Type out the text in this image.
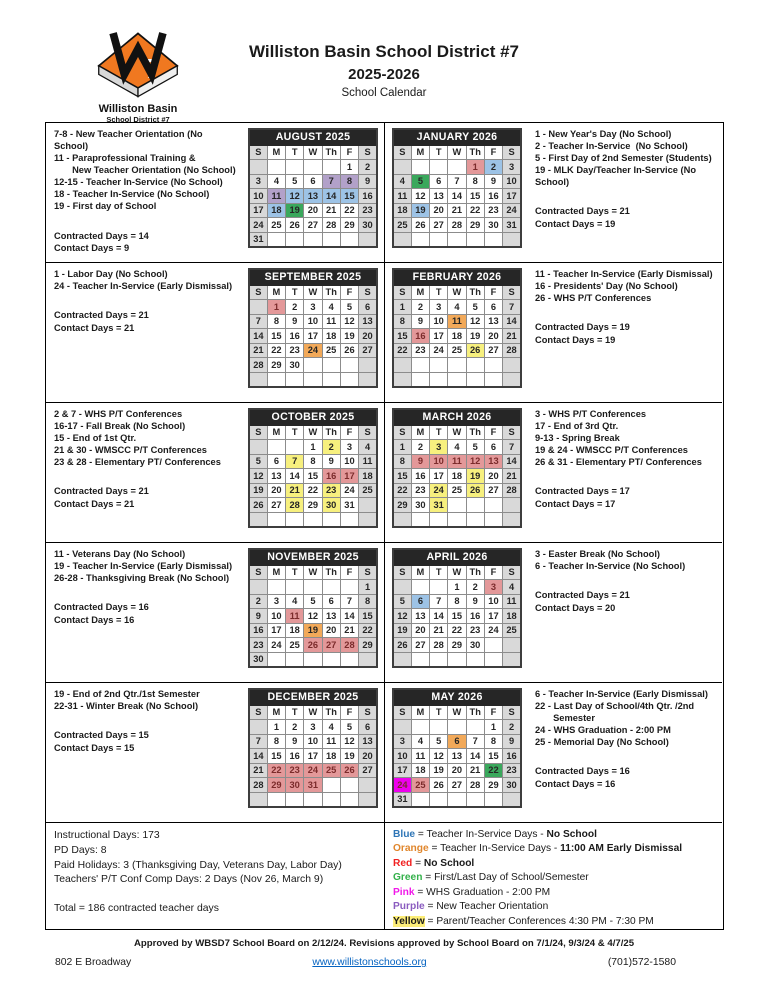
7
Williston Basin
School District #7
Williston Basin School District #7
2025-2026
School Calendar
7-8 - New Teacher Orientation (No School)
11 - Paraprofessional Training &
New Teacher Orientation (No School)
12-15 - Teacher In-Service (No School)
18 - Teacher In-Service (No School)
19 - First day of School
Contracted Days = 14
Contact Days = 9
AUGUST 2025						
S	M	T	W	Th	F	S
					1	2
3	4	5	6	7	8	9
10	11	12	13	14	15	16
17	18	19	20	21	22	23
24	25	26	27	28	29	30
31						
JANUARY 2026						
S	M	T	W	Th	F	S
				1	2	3
4	5	6	7	8	9	10
11	12	13	14	15	16	17
18	19	20	21	22	23	24
25	26	27	28	29	30	31

1 - New Year's Day (No School)
2 - Teacher In-Service  (No School)
5 - First Day of 2nd Semester (Students)
19 - MLK Day/Teacher In-Service (No School)
Contracted Days = 21
Contact Days = 19
1 - Labor Day (No School)
24 - Teacher In-Service (Early Dismissal)
Contracted Days = 21
Contact Days = 21
SEPTEMBER 2025						
S	M	T	W	Th	F	S
	1	2	3	4	5	6
7	8	9	10	11	12	13
14	15	16	17	18	19	20
21	22	23	24	25	26	27
28	29	30				

FEBRUARY 2026						
S	M	T	W	Th	F	S
1	2	3	4	5	6	7
8	9	10	11	12	13	14
15	16	17	18	19	20	21
22	23	24	25	26	27	28

11 - Teacher In-Service (Early Dismissal)
16 - Presidents' Day (No School)
26 - WHS P/T Conferences
Contracted Days = 19
Contact Days = 19
2 & 7 - WHS P/T Conferences
16-17 - Fall Break (No School)
15 - End of 1st Qtr.
21 & 30 - WMSCC P/T Conferences
23 & 28 - Elementary PT/ Conferences
Contracted Days = 21
Contact Days = 21
OCTOBER 2025						
S	M	T	W	Th	F	S
			1	2	3	4
5	6	7	8	9	10	11
12	13	14	15	16	17	18
19	20	21	22	23	24	25
26	27	28	29	30	31	

MARCH 2026						
S	M	T	W	Th	F	S
1	2	3	4	5	6	7
8	9	10	11	12	13	14
15	16	17	18	19	20	21
22	23	24	25	26	27	28
29	30	31				

3 - WHS P/T Conferences
17 - End of 3rd Qtr.
9-13 - Spring Break
19 & 24 - WMSCC P/T Conferences
26 & 31 - Elementary PT/ Conferences
Contracted Days = 17
Contact Days = 17
11 - Veterans Day (No School)
19 - Teacher In-Service (Early Dismissal)
26-28 - Thanksgiving Break (No School)
Contracted Days = 16
Contact Days = 16
NOVEMBER 2025						
S	M	T	W	Th	F	S
						1
2	3	4	5	6	7	8
9	10	11	12	13	14	15
16	17	18	19	20	21	22
23	24	25	26	27	28	29
30						
APRIL 2026						
S	M	T	W	Th	F	S
			1	2	3	4
5	6	7	8	9	10	11
12	13	14	15	16	17	18
19	20	21	22	23	24	25
26	27	28	29	30		

3 - Easter Break (No School)
6 - Teacher In-Service (No School)
Contracted Days = 21
Contact Days = 20
19 - End of 2nd Qtr./1st Semester
22-31 - Winter Break (No School)
Contracted Days = 15
Contact Days = 15
DECEMBER 2025						
S	M	T	W	Th	F	S
	1	2	3	4	5	6
7	8	9	10	11	12	13
14	15	16	17	18	19	20
21	22	23	24	25	26	27
28	29	30	31			

MAY 2026						
S	M	T	W	Th	F	S
					1	2
3	4	5	6	7	8	9
10	11	12	13	14	15	16
17	18	19	20	21	22	23
24	25	26	27	28	29	30
31						
6 - Teacher In-Service (Early Dismissal)
22 - Last Day of School/4th Qtr. /2nd
Semester
24 - WHS Graduation - 2:00 PM
25 - Memorial Day (No School)
Contracted Days = 16
Contact Days = 16
Instructional Days: 173
PD Days: 8
Paid Holidays: 3 (Thanksgiving Day, Veterans Day, Labor Day)
Teachers' P/T Conf Comp Days: 2 Days (Nov 26, March 9)
Total = 186 contracted teacher days
Blue = Teacher In-Service Days - No School
Orange = Teacher In-Service Days - 11:00 AM Early Dismissal
Red = No School
Green = First/Last Day of School/Semester
Pink = WHS Graduation - 2:00 PM
Purple = New Teacher Orientation
Yellow = Parent/Teacher Conferences 4:30 PM - 7:30 PM
Approved by WBSD7 School Board on 2/12/24. Revisions approved by School Board on 7/1/24, 9/3/24 & 4/7/25
802 E Broadway	www.willistonschools.org	(701)572-1580
